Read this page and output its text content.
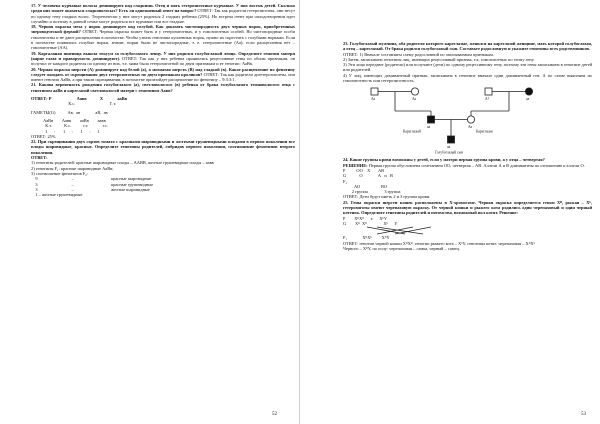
17. У человека курчавые волосы доминируют над гладкими. Отец и мать гетерозиготные курчавые. У них восемь детей. Сколько среди них может оказаться гладковолосых? Есть ли однозначный ответ на вопрос? ОТВЕТ: Так как родители гетерозиготны, они несут по одному гену гладких волос. Теоретически у них могут родиться 2 гладких ребенка (25%). Но встреча генет при оплодотворении идет случайно и поэтому в данной семье могут родиться все курчавые или все гладкие.

18. Черная окраска меха у норок доминирует над голубой. Как доказать чистопородность двух черных норок, приобретенных звероводческой фермой? ОТВЕТ: Черная окраска может быть и у гетерозиготных, и у гомозиготных особей. Но чистопородные особи гомозиготны и не дают расщепления в потомстве. Чтобы узнать генотипы купленных норок, нужно их скрестить с голубыми норками. Если в потомстве появились голубые норки, значит, норки были не чистопородные, т. е. гетерозиготные (Аа); если расщепления нет – гомозиготные (АА).

19. Каргаланая пшеница вышла токуум за голубоглазого ленцу. У них родился голубоглазый ленцо. Определите генотип матери (карие глаза и праворукость доминируют). ОТВЕТ: Так как у них ребенка проявились рецессивные гены по обоим признакам, он получил от каждого родителя по одному из них, т.е. мама была гетерозиготной по двум признакам и ее генотип: АаВв.

20. Черная окраска шерсти (А) доминирует над белой (а), а мохнатая шерсть (В) над гладкой (в). Какое расщепление по фенотипу следует ожидать от скрещивания двух гетерозиготных по двум признакам кроликов? ОТВЕТ: Так как родители дигетерозиготны, они имеют генотип АаВв, а при таком скрещивании, в потомстве произойдет расщепление по фенотипу – 9:3:3:1.

21. Какова вероятность рождения голубоглазого (а), светловолосого (в) ребенка от брака голубоглазого темноволосого отца с генотипом ааВв и кареглазой светловолосой матери с генотипом Аавв?

ОТВЕТ: Р	Аавв	Х	ааВв

К.с.	Г. т.

ГАМЕТЫ(G)	Ав,  ав              аВ,  ав

АаВв        Аавв        ааВв        аавв

К.т.           К.с.           г.т.             г.с.

1      :       1      :       1      :      1

ОТВЕТ: 25%

22. При скрещивании двух сортов томата с красными шаровидными и желтыми грушевидными плодами в первом поколении все плоды шаровидные, красные. Определите генотипы родителей, гибридов первого поколения, соотношение фенотипов второго поколения.

ОТВЕТ:

1) генотипы родителей: красные шаровидные плоды – ААВВ, желтые грушевидные плоды – аавв

2) генотипы F₁: красные шаровидные АаВв;

3) соотношение фенотипов F₂:

9	–	красные шаровидные

3	–	красные грушевидные

3	–	желтые шаровидные

1 – желтые грушевидные

52

23. Голубоглазый мужчина, оба родителя которого кареглазые, женился на кареглазой женщине, мать которой голубоглазая, а отец – кареглазый. От брака родился голубоглазый сын. Составьте родословную и укажите генотипы всех родственников.

ОТВЕТ: 1) Вначале составляем схему родословной по описываемым признакам.

2) Затем, записываем генотипы лиц, имеющих рецессивный признак, т.к. гомозиготных по этому гену.

3) Эти лица передают (родители) или получают (дети) по одному рецессивному гену, поэтому эти гены записываем в генотипе детей или родителей.

4) У лиц, имеющих доминантный признак, записываем в генотипе вначале один доминантный ген. А по схеме выясняем их гомозиготность или гетерозиготность.

Аа	Аа	А?	аа
аа	Аа
Кареглазый	Кареглазая
аа
Голубоглазый сын

24. Какие группы крови возможны у детей, если у матери первая группа крови, а у отца – четвертая?

РЕШЕНИЕ: Первая группа обусловлена сочетанием ОО, четвертая – АВ. Аллели А и В доминантны по отношению к аллели О.

Р          ОО    Х       АВ

G            О              А   и   В

F₁

АО                   ВО

2 группа               3 группа

ОТВЕТ: Дети будут иметь 2 и 3 группы крови.

25. Гены окраски шерсти кошек расположены в X-хромосоме. Черная окраска определяется геном Xᴮ, рыжая – Xᵇ, гетерозиготы имеют черепаховую окраску. От черной кошки и рыжего кота родились один черепаховый и один черный котенок. Определите генотипы родителей и потомства, возможный пол котят. Решение:

Р        XᴮXᴮ      х      XᵇY

G        Xᴮ  Xᴮ               Xᵇ      Y

F₁	XᴮXᵇ         XᴮY

ОТВЕТ: генотип черной кошки XᴮXᴮ, генотип рыжего кота – XᵇY, генотипы котят: черепаховая – XᴮXᵇ

Черного – XᴮY, по полу: черепаховая – самка, черный – самец.

53
